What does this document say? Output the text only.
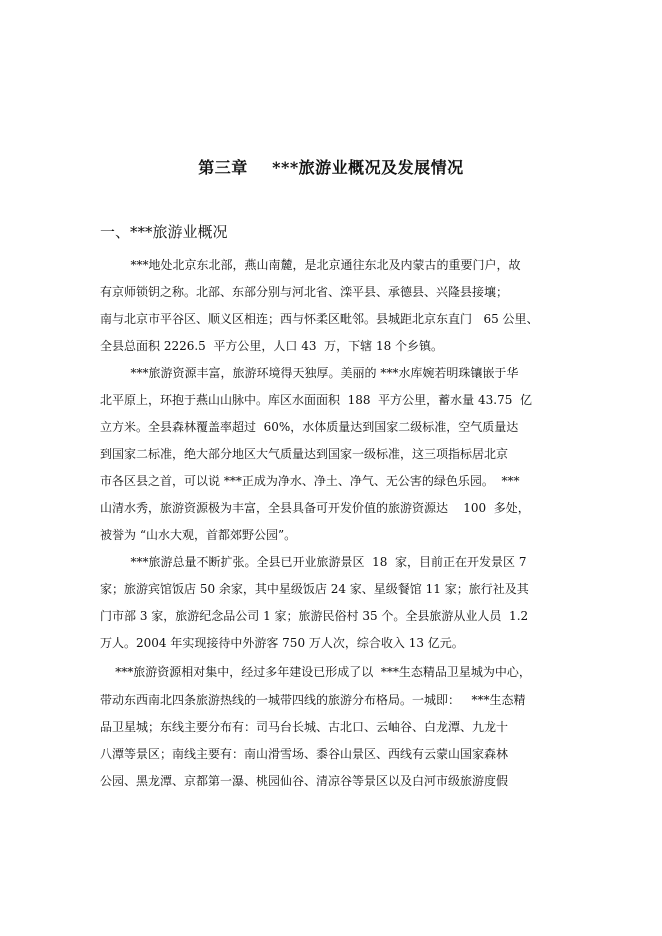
第三章    ***旅游业概况及发展情况
一、***旅游业概况
***地处北京东北部，燕山南麓，是北京通往东北及内蒙古的重要门户，故
有京师锁钥之称。北部、东部分别与河北省、滦平县、承德县、兴隆县接壤；
南与北京市平谷区、顺义区相连；西与怀柔区毗邻。县城距北京东直门   65 公里、
全县总面积 2226.5  平方公里，人口 43  万，下辖 18 个乡镇。
***旅游资源丰富，旅游环境得天独厚。美丽的 ***水库婉若明珠镶嵌于华
北平原上，环抱于燕山山脉中。库区水面面积  188  平方公里，蓄水量 43.75  亿
立方米。全县森林覆盖率超过  60%，水体质量达到国家二级标准，空气质量达
到国家二标准，绝大部分地区大气质量达到国家一级标准，这三项指标居北京
市各区县之首，可以说 ***正成为净水、净土、净气、无公害的绿色乐园。  ***
山清水秀，旅游资源极为丰富，全县具备可开发价值的旅游资源达    100  多处，
被誉为 “山水大观，首都郊野公园”。
***旅游总量不断扩张。全县已开业旅游景区  18  家，目前正在开发景区 7
家；旅游宾馆饭店 50 余家，其中星级饭店 24 家、星级餐馆 11 家；旅行社及其
门市部 3 家，旅游纪念品公司 1 家；旅游民俗村 35 个。全县旅游从业人员  1.2
万人。2004 年实现接待中外游客 750 万人次，综合收入 13 亿元。
***旅游资源相对集中，经过多年建设已形成了以  ***生态精品卫星城为中心，
带动东西南北四条旅游热线的一城带四线的旅游分布格局。一城即：   ***生态精
品卫星城；东线主要分布有：司马台长城、古北口、云岫谷、白龙潭、九龙十
八潭等景区；南线主要有：南山滑雪场、黍谷山景区、西线有云蒙山国家森林
公园、黑龙潭、京都第一瀑、桃园仙谷、清凉谷等景区以及白河市级旅游度假
